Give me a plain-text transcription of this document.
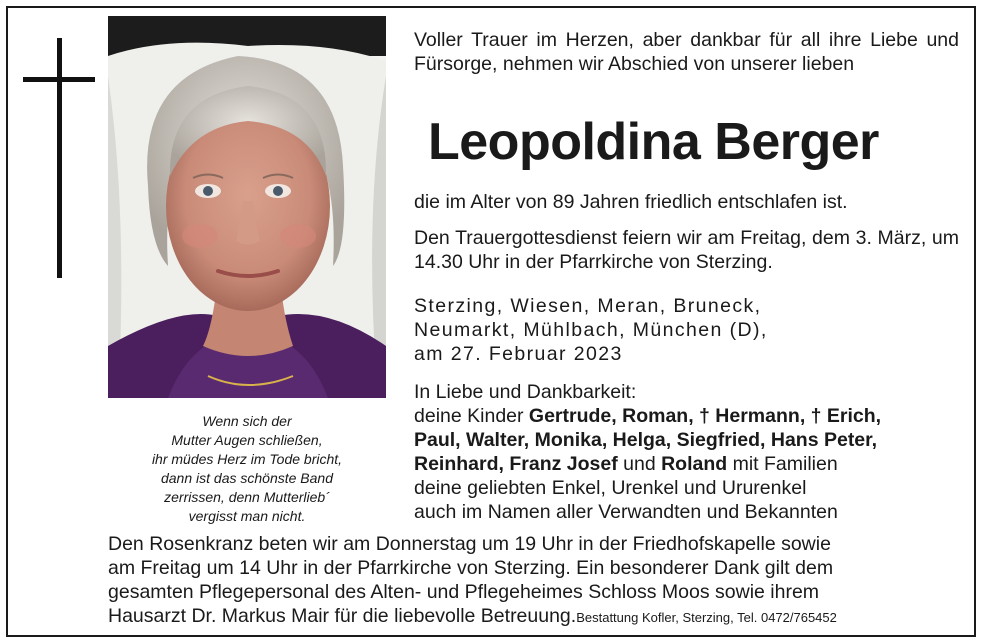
Wenn sich der
Mutter Augen schließen,
ihr müdes Herz im Tode bricht,
dann ist das schönste Band
zerrissen, denn Mutterlieb´
vergisst man nicht.
Voller Trauer im Herzen, aber dankbar für all ihre Liebe und Fürsorge, nehmen wir Abschied von unserer lieben
Leopoldina Berger
die im Alter von 89 Jahren friedlich entschlafen ist.
Den Trauergottesdienst feiern wir am Freitag, dem 3. März, um 14.30 Uhr in der Pfarrkirche von Sterzing.
Sterzing, Wiesen, Meran, Bruneck,
Neumarkt, Mühlbach, München (D),
am 27. Februar 2023
In Liebe und Dankbarkeit:
deine Kinder Gertrude, Roman, † Hermann, † Erich,
Paul, Walter, Monika, Helga, Siegfried, Hans Peter,
Reinhard, Franz Josef und Roland mit Familien
deine geliebten Enkel, Urenkel und Ururenkel
auch im Namen aller Verwandten und Bekannten
Den Rosenkranz beten wir am Donnerstag um 19 Uhr in der Friedhofskapelle sowie
am Freitag um 14 Uhr in der Pfarrkirche von Sterzing. Ein besonderer Dank gilt dem
gesamten Pflegepersonal des Alten- und Pflegeheimes Schloss Moos sowie ihrem
Hausarzt Dr. Markus Mair für die liebevolle Betreuung.Bestattung Kofler, Sterzing, Tel. 0472/765452
